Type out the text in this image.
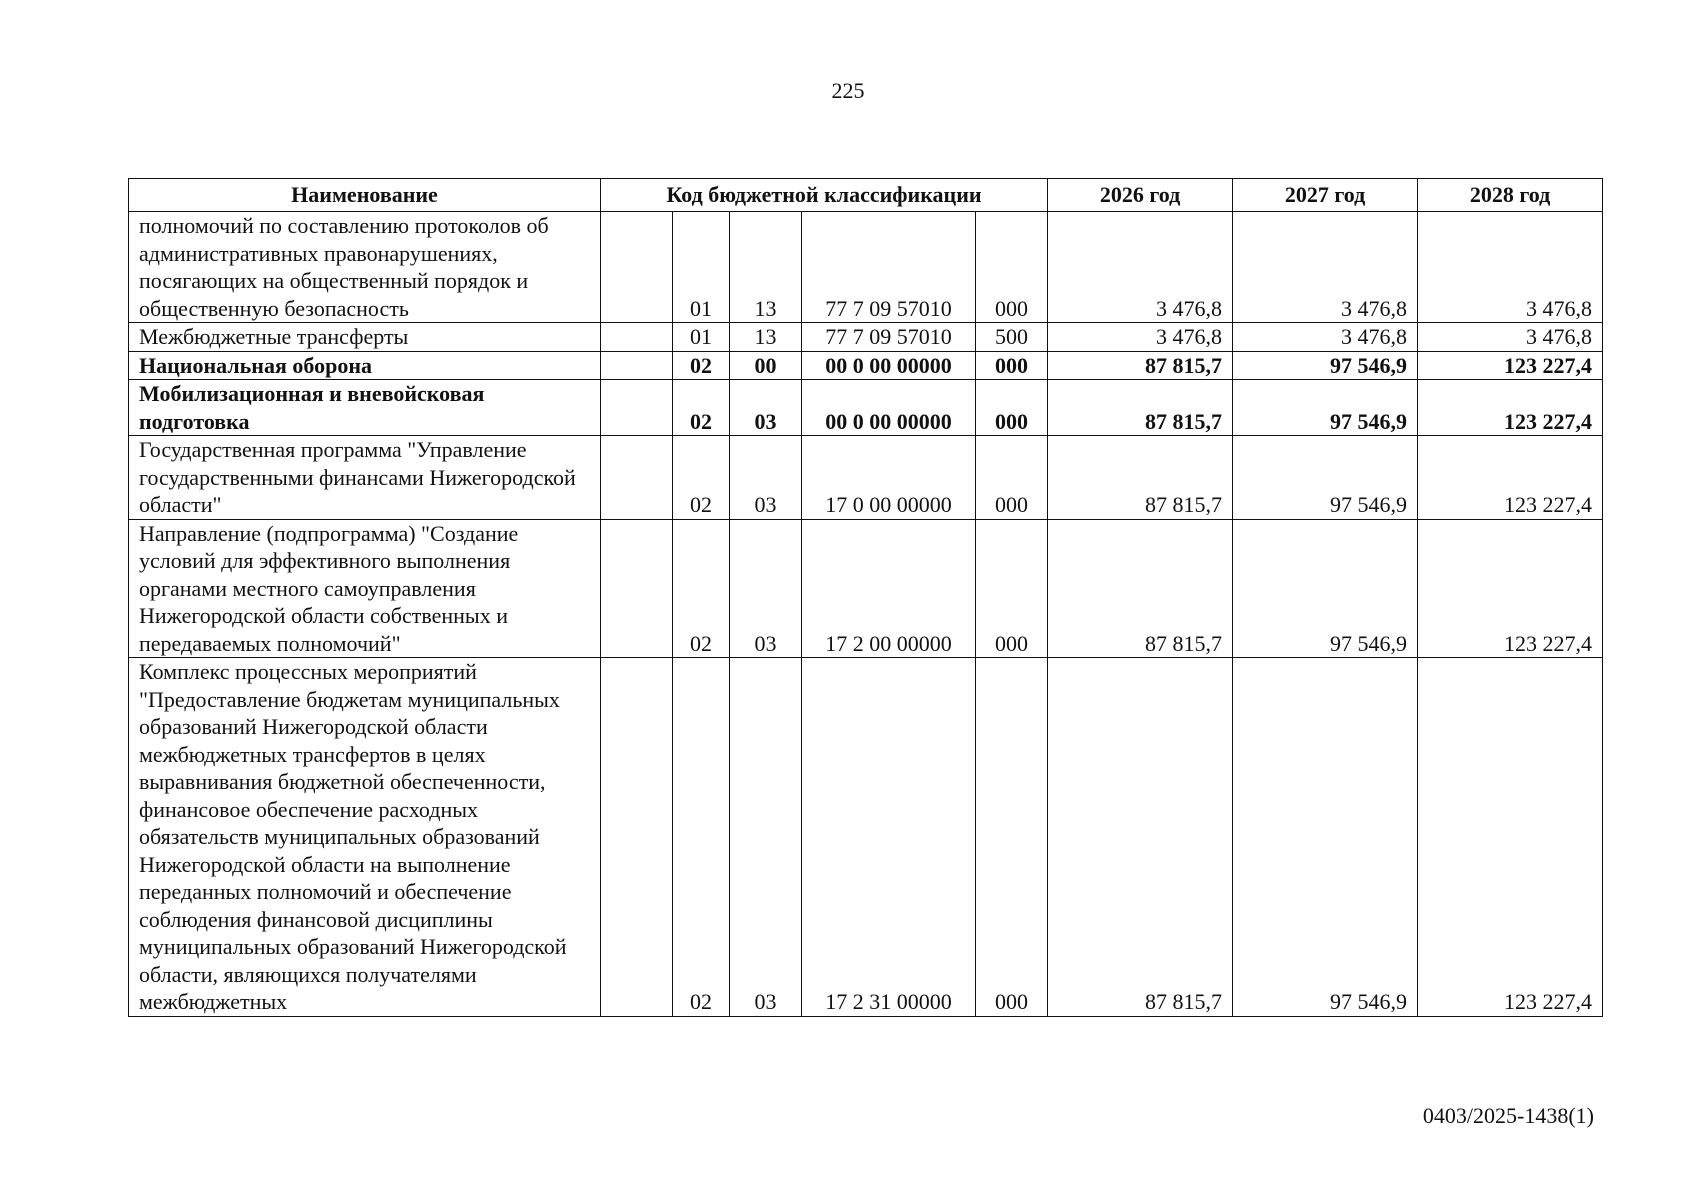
225
Наименование	Код бюджетной классификации					2026 год	2027 год	2028 год
полномочий по составлению протоколов об административных правонарушениях, посягающих на общественный порядок и общественную безопасность		01	13	77 7 09 57010	000	3 476,8	3 476,8	3 476,8
Межбюджетные трансферты		01	13	77 7 09 57010	500	3 476,8	3 476,8	3 476,8
Национальная оборона		02	00	00 0 00 00000	000	87 815,7	97 546,9	123 227,4
Мобилизационная и вневойсковая подготовка		02	03	00 0 00 00000	000	87 815,7	97 546,9	123 227,4
Государственная программа "Управление государственными финансами Нижегородской области"		02	03	17 0 00 00000	000	87 815,7	97 546,9	123 227,4
Направление (подпрограмма) "Создание условий для эффективного выполнения органами местного самоуправления Нижегородской области собственных и передаваемых полномочий"		02	03	17 2 00 00000	000	87 815,7	97 546,9	123 227,4
Комплекс процессных мероприятий "Предоставление бюджетам муниципальных образований Нижегородской области межбюджетных трансфертов в целях выравнивания бюджетной обеспеченности, финансовое обеспечение расходных обязательств муниципальных образований Нижегородской области на выполнение переданных полномочий и обеспечение соблюдения финансовой дисциплины муниципальных образований Нижегородской области, являющихся получателями межбюджетных		02	03	17 2 31 00000	000	87 815,7	97 546,9	123 227,4
0403/2025-1438(1)
